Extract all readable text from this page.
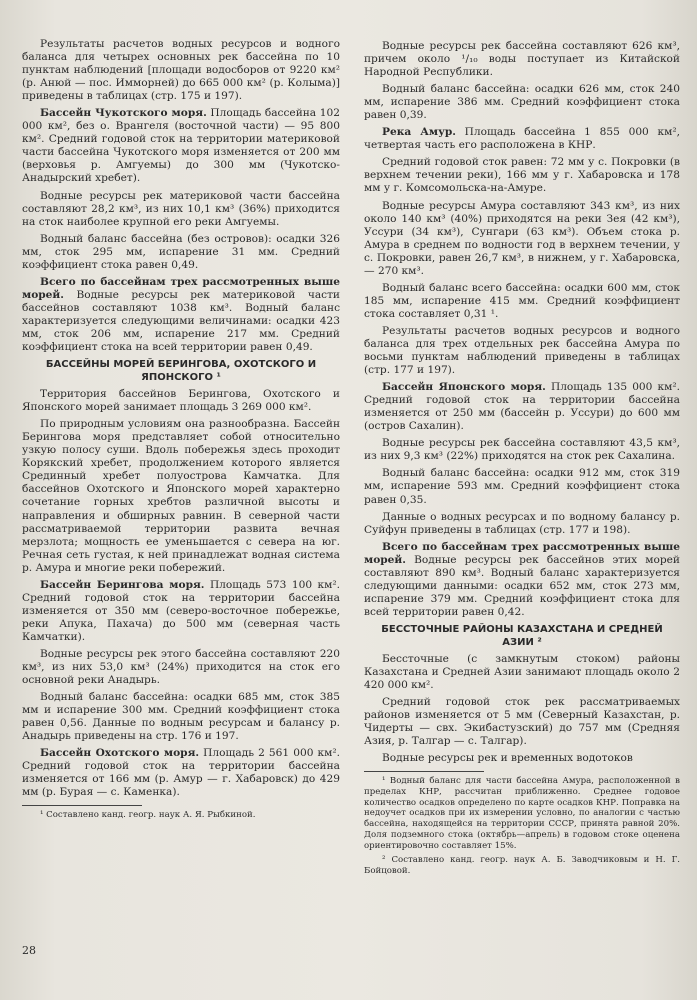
Результаты расчетов водных ресурсов и водного баланса для четырех основных рек бассейна по 10 пунктам наблюдений [площади водосборов от 9220 км² (р. Анюй — пос. Имморней) до 665 000 км² (р. Колыма)] приведены в таблицах (стр. 175 и 197).

Бассейн Чукотского моря. Площадь бассейна 102 000 км², без о. Врангеля (восточной части) — 95 800 км². Средний годовой сток на территории материковой части бассейна Чукотского моря изменяется от 200 мм (верховья р. Амгуемы) до 300 мм (Чукотско-Анадырский хребет).

Водные ресурсы рек материковой части бассейна составляют 28,2 км³, из них 10,1 км³ (36%) приходится на сток наиболее крупной его реки Амгуемы.

Водный баланс бассейна (без островов): осадки 326 мм, сток 295 мм, испарение 31 мм. Средний коэффициент стока равен 0,49.

Всего по бассейнам трех рассмотренных выше морей. Водные ресурсы рек материковой части бассейнов составляют 1038 км³. Водный баланс характеризуется следующими величинами: осадки 423 мм, сток 206 мм, испарение 217 мм. Средний коэффициент стока на всей территории равен 0,49.

БАССЕЙНЫ МОРЕЙ БЕРИНГОВА, ОХОТСКОГО И ЯПОНСКОГО ¹

Территория бассейнов Берингова, Охотского и Японского морей занимает площадь 3 269 000 км².

По природным условиям она разнообразна. Бассейн Берингова моря представляет собой относительно узкую полосу суши. Вдоль побережья здесь проходит Корякский хребет, продолжением которого является Срединный хребет полуострова Камчатка. Для бассейнов Охотского и Японского морей характерно сочетание горных хребтов различной высоты и направления и обширных равнин. В северной части рассматриваемой территории развита вечная мерзлота; мощность ее уменьшается с севера на юг. Речная сеть густая, к ней принадлежат водная система р. Амура и многие реки побережий.

Бассейн Берингова моря. Площадь 573 100 км². Средний годовой сток на территории бассейна изменяется от 350 мм (северо-восточное побережье, реки Апука, Пахача) до 500 мм (северная часть Камчатки).

Водные ресурсы рек этого бассейна составляют 220 км³, из них 53,0 км³ (24%) приходится на сток его основной реки Анадырь.

Водный баланс бассейна: осадки 685 мм, сток 385 мм и испарение 300 мм. Средний коэффициент стока равен 0,56. Данные по водным ресурсам и балансу р. Анадырь приведены на стр. 176 и 197.

Бассейн Охотского моря. Площадь 2 561 000 км². Средний годовой сток на территории бассейна изменяется от 166 мм (р. Амур — г. Хабаровск) до 429 мм (р. Бурая — с. Каменка).

¹ Составлено канд. геогр. наук А. Я. Рыбкиной.

Водные ресурсы рек бассейна составляют 626 км³, причем около ¹/₁₀ воды поступает из Китайской Народной Республики.

Водный баланс бассейна: осадки 626 мм, сток 240 мм, испарение 386 мм. Средний коэффициент стока равен 0,39.

Река Амур. Площадь бассейна 1 855 000 км², четвертая часть его расположена в КНР.

Средний годовой сток равен: 72 мм у с. Покровки (в верхнем течении реки), 166 мм у г. Хабаровска и 178 мм у г. Комсомольска-на-Амуре.

Водные ресурсы Амура составляют 343 км³, из них около 140 км³ (40%) приходятся на реки Зея (42 км³), Уссури (34 км³), Сунгари (63 км³). Объем стока р. Амура в среднем по водности год в верхнем течении, у с. Покровки, равен 26,7 км³, в нижнем, у г. Хабаровска, — 270 км³.

Водный баланс всего бассейна: осадки 600 мм, сток 185 мм, испарение 415 мм. Средний коэффициент стока составляет 0,31 ¹.

Результаты расчетов водных ресурсов и водного баланса для трех отдельных рек бассейна Амура по восьми пунктам наблюдений приведены в таблицах (стр. 177 и 197).

Бассейн Японского моря. Площадь 135 000 км². Средний годовой сток на территории бассейна изменяется от 250 мм (бассейн р. Уссури) до 600 мм (остров Сахалин).

Водные ресурсы рек бассейна составляют 43,5 км³, из них 9,3 км³ (22%) приходятся на сток рек Сахалина.

Водный баланс бассейна: осадки 912 мм, сток 319 мм, испарение 593 мм. Средний коэффициент стока равен 0,35.

Данные о водных ресурсах и по водному балансу р. Суйфун приведены в таблицах (стр. 177 и 198).

Всего по бассейнам трех рассмотренных выше морей. Водные ресурсы рек бассейнов этих морей составляют 890 км³. Водный баланс характеризуется следующими данными: осадки 652 мм, сток 273 мм, испарение 379 мм. Средний коэффициент стока для всей территории равен 0,42.

БЕССТОЧНЫЕ РАЙОНЫ КАЗАХСТАНА И СРЕДНЕЙ АЗИИ ²

Бессточные (с замкнутым стоком) районы Казахстана и Средней Азии занимают площадь около 2 420 000 км².

Средний годовой сток рек рассматриваемых районов изменяется от 5 мм (Северный Казахстан, р. Чидерты — свх. Экибастузский) до 757 мм (Средняя Азия, р. Талгар — с. Талгар).

Водные ресурсы рек и временных водотоков

¹ Водный баланс для части бассейна Амура, расположенной в пределах КНР, рассчитан приближенно. Среднее годовое количество осадков определено по карте осадков КНР. Поправка на недоучет осадков при их измерении условно, по аналогии с частью бассейна, находящейся на территории СССР, принята равной 20%. Доля подземного стока (октябрь—апрель) в годовом стоке оценена ориентировочно составляет 15%.

² Составлено канд. геогр. наук А. Б. Заводчиковым и Н. Г. Бойцовой.

28
